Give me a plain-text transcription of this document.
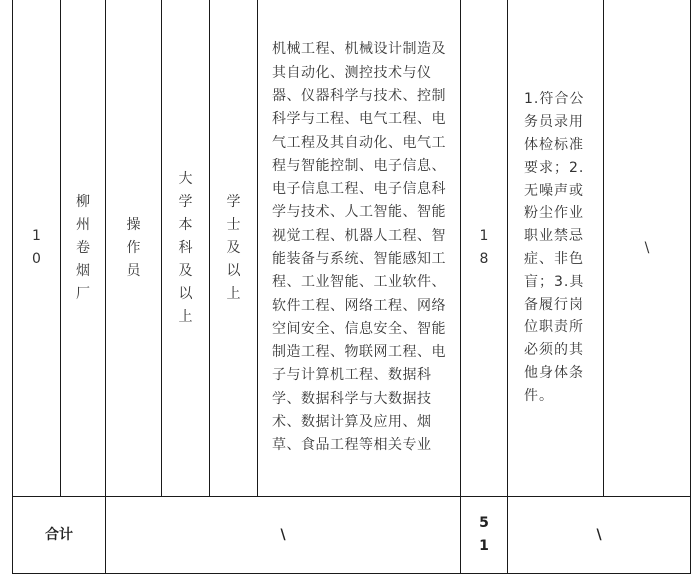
10	柳州卷烟厂	操作员	大学本科及以上	学士及以上	机械工程、机械设计制造及其自动化、测控技术与仪器、仪器科学与技术、控制科学与工程、电气工程、电气工程及其自动化、电气工程与智能控制、电子信息、电子信息工程、电子信息科学与技术、人工智能、智能视觉工程、机器人工程、智能装备与系统、智能感知工程、工业智能、工业软件、软件工程、网络工程、网络空间安全、信息安全、智能制造工程、物联网工程、电子与计算机工程、数据科学、数据科学与大数据技术、数据计算及应用、烟草、食品工程等相关专业	18	1.符合公务员录用体检标准要求；2.无噪声或粉尘作业职业禁忌症、非色盲；3.具备履行岗位职责所必须的其他身体条件。	\
合计		\				51	\	
